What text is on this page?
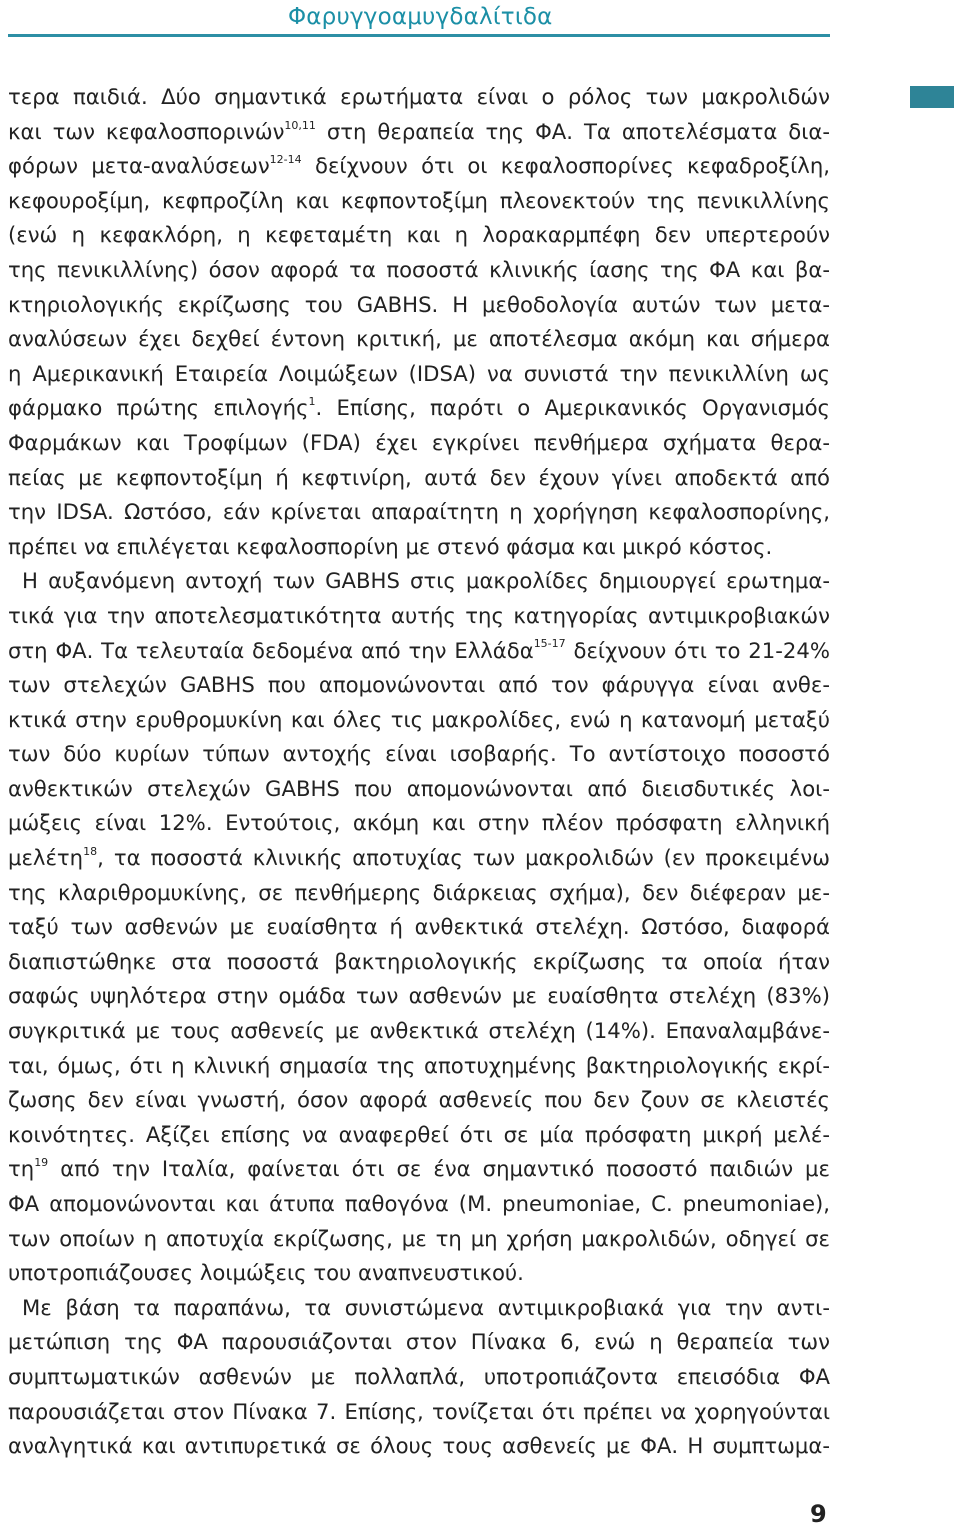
Φαρυγγοαμυγδαλίτιδα
τερα παιδιά. Δύο σημαντικά ερωτήματα είναι ο ρόλος των μακρολιδών
και των κεφαλοσπορινών$^{10,11}$ στη θεραπεία της ΦΑ. Τα αποτελέσματα δια-
φόρων μετα-αναλύσεων$^{12-14}$ δείχνουν ότι οι κεφαλοσπορίνες κεφαδροξίλη,
κεφουροξίμη, κεφπροζίλη και κεφποντοξίμη πλεονεκτούν της πενικιλλίνης
(ενώ η κεφακλόρη, η κεφεταμέτη και η λορακαρμπέφη δεν υπερτερούν
της πενικιλλίνης) όσον αφορά τα ποσοστά κλινικής ίασης της ΦΑ και βα-
κτηριολογικής εκρίζωσης του GABHS. Η μεθοδολογία αυτών των μετα-
αναλύσεων έχει δεχθεί έντονη κριτική, με αποτέλεσμα ακόμη και σήμερα
η Αμερικανική Εταιρεία Λοιμώξεων (IDSA) να συνιστά την πενικιλλίνη ως
φάρμακο πρώτης επιλογής$^1$. Επίσης, παρότι ο Αμερικανικός Οργανισμός
Φαρμάκων και Τροφίμων (FDA) έχει εγκρίνει πενθήμερα σχήματα θερα-
πείας με κεφποντοξίμη ή κεφτινίρη, αυτά δεν έχουν γίνει αποδεκτά από
την IDSA. Ωστόσο, εάν κρίνεται απαραίτητη η χορήγηση κεφαλοσπορίνης,
πρέπει να επιλέγεται κεφαλοσπορίνη με στενό φάσμα και μικρό κόστος.
Η αυξανόμενη αντοχή των GABHS στις μακρολίδες δημιουργεί ερωτημα-
τικά για την αποτελεσματικότητα αυτής της κατηγορίας αντιμικροβιακών
στη ΦΑ. Τα τελευταία δεδομένα από την Ελλάδα$^{15-17}$ δείχνουν ότι το 21-24%
των στελεχών GABHS που απομονώνονται από τον φάρυγγα είναι ανθε-
κτικά στην ερυθρομυκίνη και όλες τις μακρολίδες, ενώ η κατανομή μεταξύ
των δύο κυρίων τύπων αντοχής είναι ισοβαρής. Το αντίστοιχο ποσοστό
ανθεκτικών στελεχών GABHS που απομονώνονται από διεισδυτικές λοι-
μώξεις είναι 12%. Εντούτοις, ακόμη και στην πλέον πρόσφατη ελληνική
μελέτη$^{18}$, τα ποσοστά κλινικής αποτυχίας των μακρολιδών (εν προκειμένω
της κλαριθρομυκίνης, σε πενθήμερης διάρκειας σχήμα), δεν διέφεραν με-
ταξύ των ασθενών με ευαίσθητα ή ανθεκτικά στελέχη. Ωστόσο, διαφορά
διαπιστώθηκε στα ποσοστά βακτηριολογικής εκρίζωσης τα οποία ήταν
σαφώς υψηλότερα στην ομάδα των ασθενών με ευαίσθητα στελέχη (83%)
συγκριτικά με τους ασθενείς με ανθεκτικά στελέχη (14%). Επαναλαμβάνε-
ται, όμως, ότι η κλινική σημασία της αποτυχημένης βακτηριολογικής εκρί-
ζωσης δεν είναι γνωστή, όσον αφορά ασθενείς που δεν ζουν σε κλειστές
κοινότητες. Αξίζει επίσης να αναφερθεί ότι σε μία πρόσφατη μικρή μελέ-
$\tau\eta^{19}$ από την Ιταλία, φαίνεται ότι σε ένα σημαντικό ποσοστό παιδιών με
ΦΑ απομονώνονται και άτυπα παθογόνα (M. pneumoniae, C. pneumoniae),
των οποίων η αποτυχία εκρίζωσης, με τη μη χρήση μακρολιδών, οδηγεί σε
υποτροπιάζουσες λοιμώξεις του αναπνευστικού.
Με βάση τα παραπάνω, τα συνιστώμενα αντιμικροβιακά για την αντι-
μετώπιση της ΦΑ παρουσιάζονται στον Πίνακα 6, ενώ η θεραπεία των
συμπτωματικών ασθενών με πολλαπλά, υποτροπιάζοντα επεισόδια ΦΑ
παρουσιάζεται στον Πίνακα 7. Επίσης, τονίζεται ότι πρέπει να χορηγούνται
αναλγητικά και αντιπυρετικά σε όλους τους ασθενείς με ΦΑ. Η συμπτωμα-
9
